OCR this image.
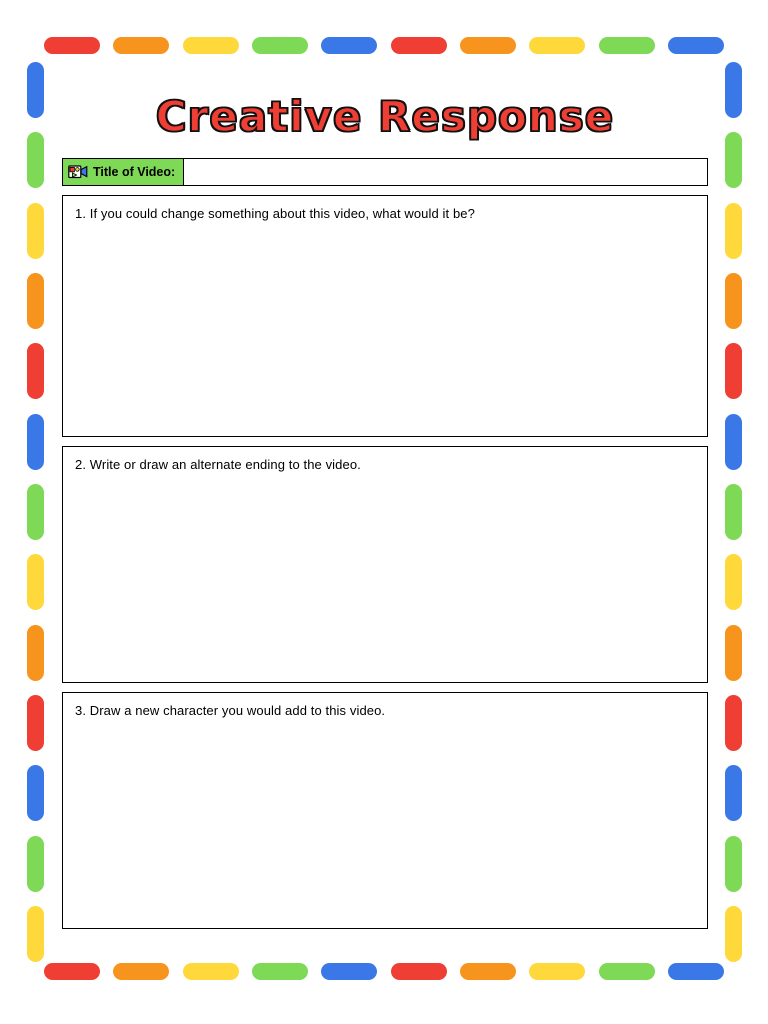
Creative Response
Title of Video:
1. If you could change something about this video, what would it be?
2. Write or draw an alternate ending to the video.
3. Draw a new character you would add to this video.
